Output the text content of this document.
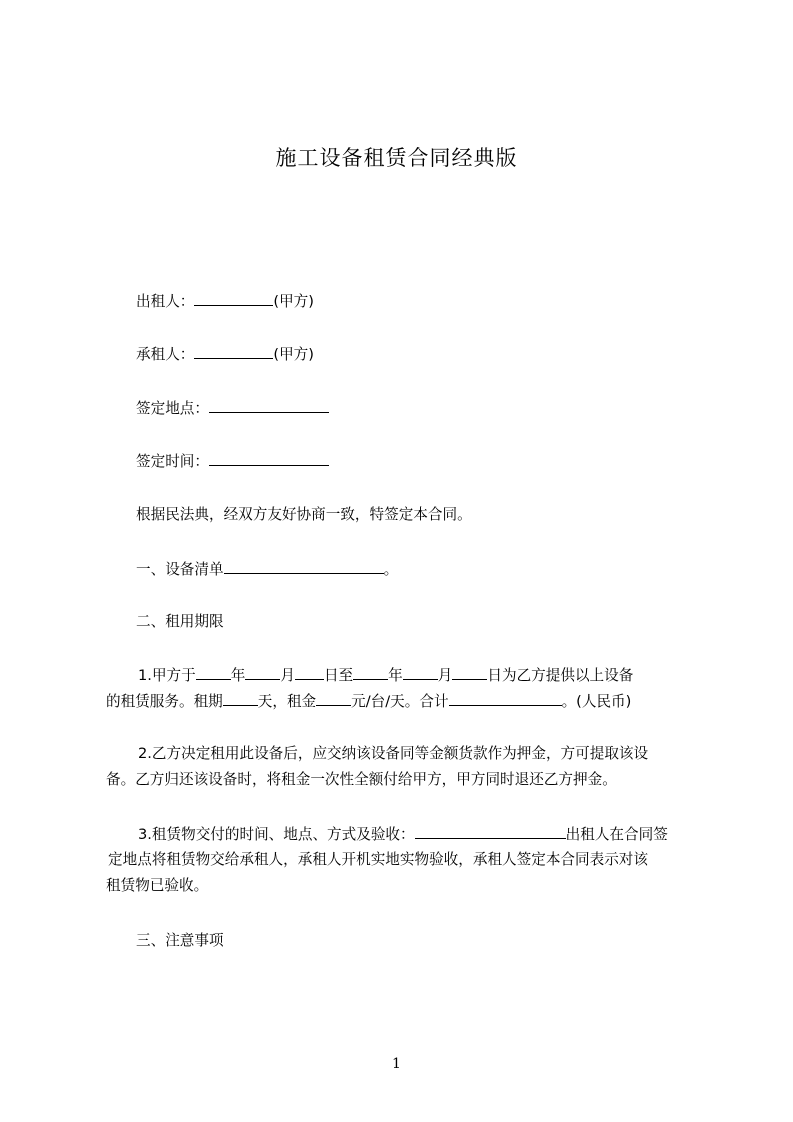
施工设备租赁合同经典版
出租人：	(甲方)
承租人：	(甲方)
签定地点：
签定时间：
根据民法典，经双方友好协商一致，特签定本合同。
一、设备清单	。
二、租用期限
1.甲方于 年 月 日至 年 月 日为乙方提供以上设备
的租赁服务。租期 天，租金 元/台/天。合计	。(人民币)
2.乙方决定租用此设备后，应交纳该设备同等金额货款作为押金，方可提取该设
备。乙方归还该设备时，将租金一次性全额付给甲方，甲方同时退还乙方押金。
3.租赁物交付的时间、地点、方式及验收：	出租人在合同签
定地点将租赁物交给承租人，承租人开机实地实物验收，承租人签定本合同表示对该
租赁物已验收。
三、注意事项
1
